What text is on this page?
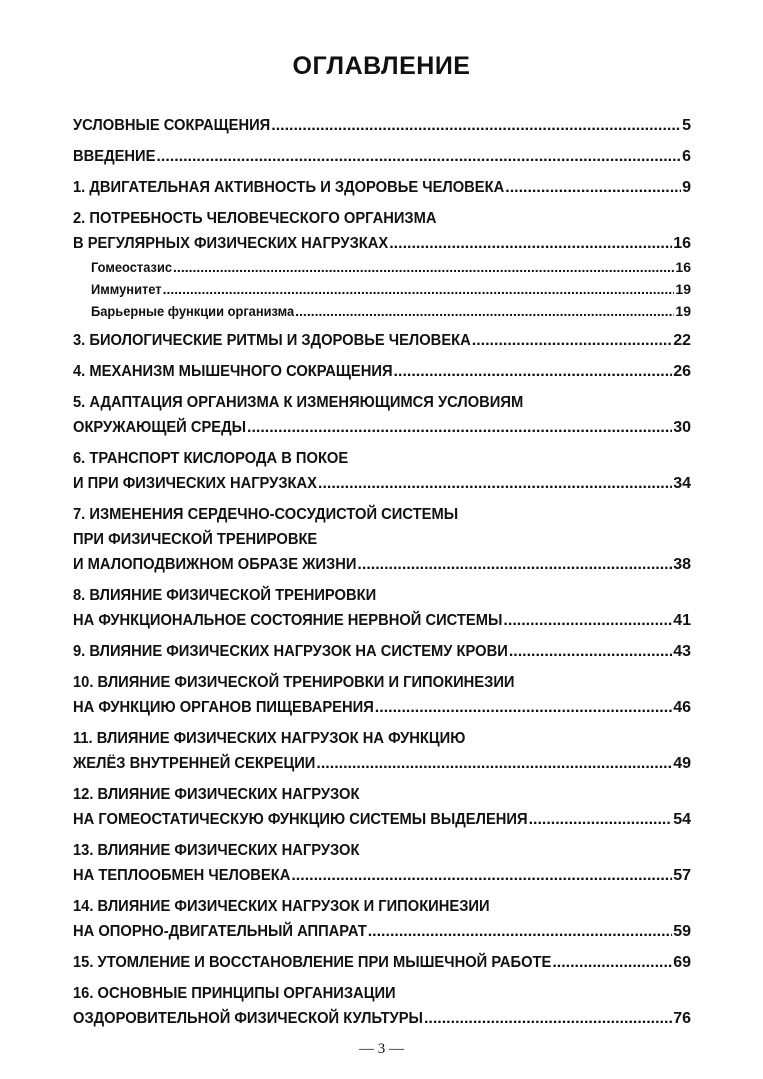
ОГЛАВЛЕНИЕ
УСЛОВНЫЕ СОКРАЩЕНИЯ .....	5
ВВЕДЕНИЕ .....	6
1. ДВИГАТЕЛЬНАЯ АКТИВНОСТЬ И ЗДОРОВЬЕ ЧЕЛОВЕКА .....	9
2. ПОТРЕБНОСТЬ ЧЕЛОВЕЧЕСКОГО ОРГАНИЗМА
В РЕГУЛЯРНЫХ ФИЗИЧЕСКИХ НАГРУЗКАХ .....	16
Гомеостазис .....	16
Иммунитет .....	19
Барьерные функции организма .....	19
3. БИОЛОГИЧЕСКИЕ РИТМЫ И ЗДОРОВЬЕ ЧЕЛОВЕКА .....	22
4. МЕХАНИЗМ МЫШЕЧНОГО СОКРАЩЕНИЯ .....	26
5. АДАПТАЦИЯ ОРГАНИЗМА К ИЗМЕНЯЮЩИМСЯ УСЛОВИЯМ
ОКРУЖАЮЩЕЙ СРЕДЫ .....	30
6. ТРАНСПОРТ КИСЛОРОДА В ПОКОЕ
И ПРИ ФИЗИЧЕСКИХ НАГРУЗКАХ .....	34
7. ИЗМЕНЕНИЯ СЕРДЕЧНО-СОСУДИСТОЙ СИСТЕМЫ
ПРИ ФИЗИЧЕСКОЙ ТРЕНИРОВКЕ
И МАЛОПОДВИЖНОМ ОБРАЗЕ ЖИЗНИ .....	38
8. ВЛИЯНИЕ ФИЗИЧЕСКОЙ ТРЕНИРОВКИ
НА ФУНКЦИОНАЛЬНОЕ СОСТОЯНИЕ НЕРВНОЙ СИСТЕМЫ .....	41
9. ВЛИЯНИЕ ФИЗИЧЕСКИХ НАГРУЗОК НА СИСТЕМУ КРОВИ .....	43
10. ВЛИЯНИЕ ФИЗИЧЕСКОЙ ТРЕНИРОВКИ И ГИПОКИНЕЗИИ
НА ФУНКЦИЮ ОРГАНОВ ПИЩЕВАРЕНИЯ .....	46
11. ВЛИЯНИЕ ФИЗИЧЕСКИХ НАГРУЗОК НА ФУНКЦИЮ
ЖЕЛЁЗ ВНУТРЕННЕЙ СЕКРЕЦИИ .....	49
12. ВЛИЯНИЕ ФИЗИЧЕСКИХ НАГРУЗОК
НА ГОМЕОСТАТИЧЕСКУЮ ФУНКЦИЮ СИСТЕМЫ ВЫДЕЛЕНИЯ .....	54
13. ВЛИЯНИЕ ФИЗИЧЕСКИХ НАГРУЗОК
НА ТЕПЛООБМЕН ЧЕЛОВЕКА .....	57
14. ВЛИЯНИЕ ФИЗИЧЕСКИХ НАГРУЗОК И ГИПОКИНЕЗИИ
НА ОПОРНО-ДВИГАТЕЛЬНЫЙ АППАРАТ .....	59
15. УТОМЛЕНИЕ И ВОССТАНОВЛЕНИЕ ПРИ МЫШЕЧНОЙ РАБОТЕ .....	69
16. ОСНОВНЫЕ ПРИНЦИПЫ ОРГАНИЗАЦИИ
ОЗДОРОВИТЕЛЬНОЙ ФИЗИЧЕСКОЙ КУЛЬТУРЫ .....	76
— 3 —
